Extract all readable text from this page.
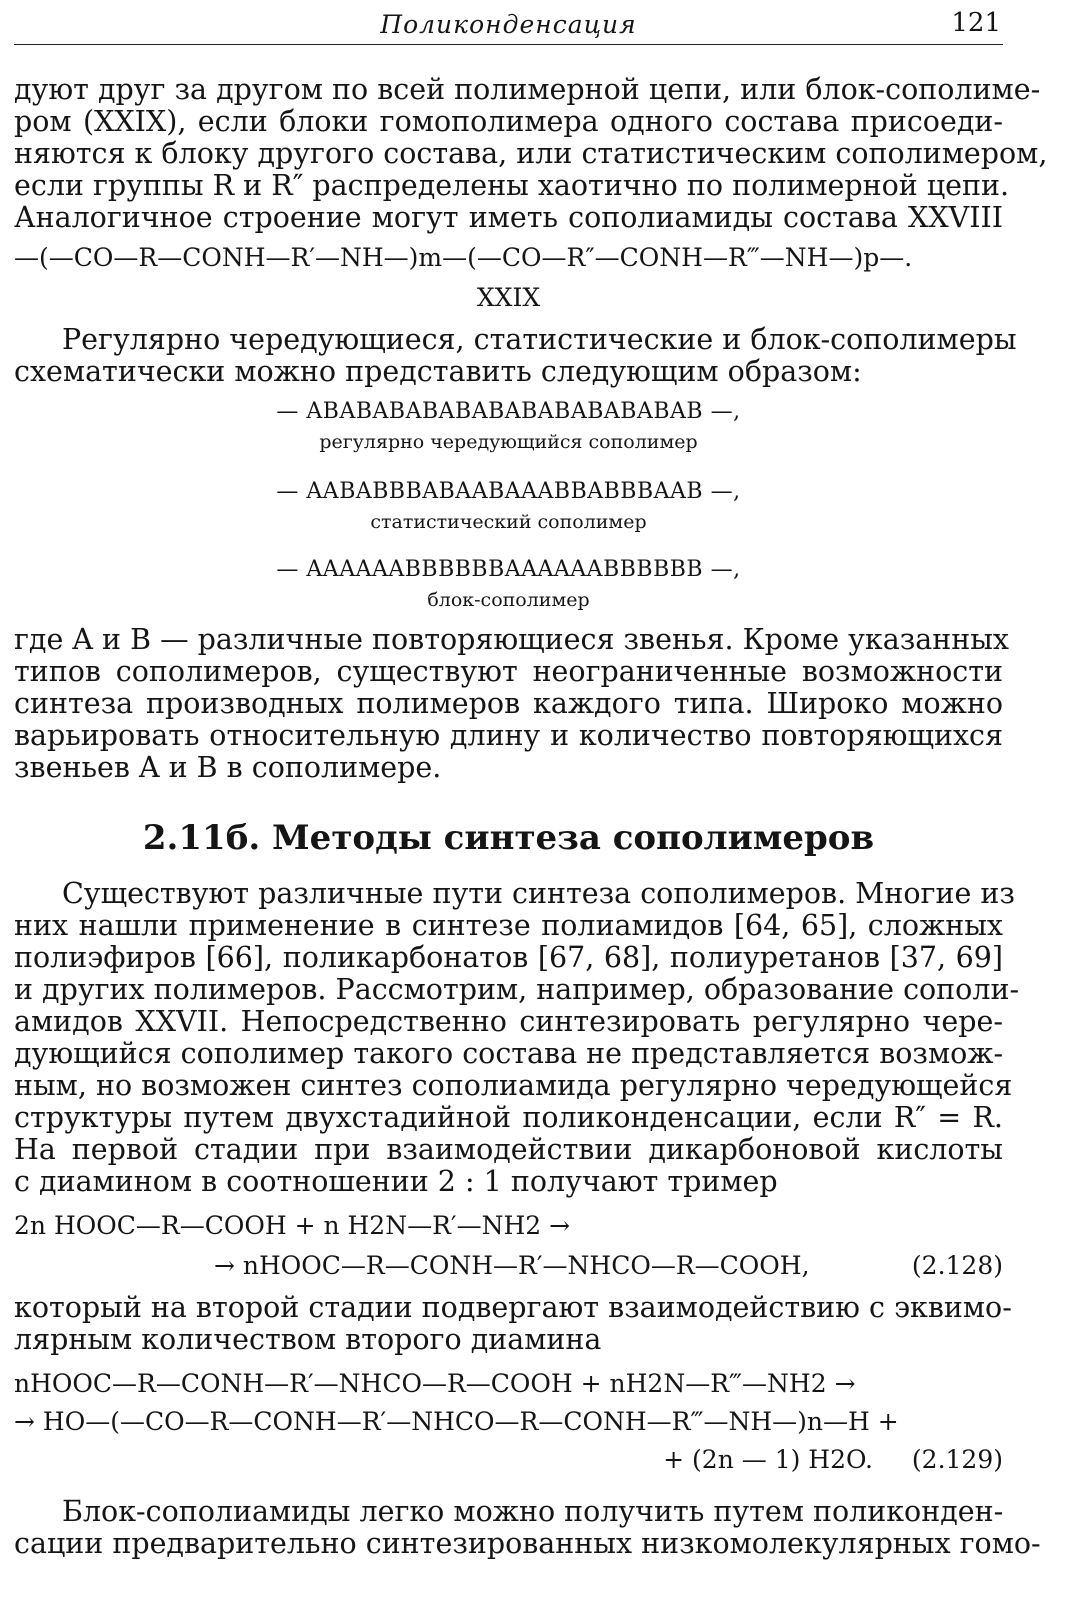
Поликонденсация	121
дуют друг за другом по всей полимерной цепи, или блок-сополиме-
ром (XXIX), если блоки гомополимера одного состава присоеди-
няются к блоку другого состава, или статистическим сополимером,
если группы R и R″ распределены хаотично по полимерной цепи.
Аналогичное строение могут иметь сополиамиды состава XXVIII
—(—CO—R—CONH—R′—NH—)m—(—CO—R″—CONH—R‴—NH—)p—.
XXIX
Регулярно чередующиеся, статистические и блок-сополимеры
схематически можно представить следующим образом:
— ABABABABABABABABABABABAB —,
регулярно чередующийся сополимер
— AABABBBABAABAAABBABBBAAB —,
статистический сополимер
— AAAAAABBBBBBAAAAAABBBBBB —,
блок-сополимер
где A и B — различные повторяющиеся звенья. Кроме указанных
типов сополимеров, существуют неограниченные возможности
синтеза производных полимеров каждого типа. Широко можно
варьировать относительную длину и количество повторяющихся
звеньев A и B в сополимере.
2.11б. Методы синтеза сополимеров
Существуют различные пути синтеза сополимеров. Многие из
них нашли применение в синтезе полиамидов [64, 65], сложных
полиэфиров [66], поликарбонатов [67, 68], полиуретанов [37, 69]
и других полимеров. Рассмотрим, например, образование сополи-
амидов XXVII. Непосредственно синтезировать регулярно чере-
дующийся сополимер такого состава не представляется возмож-
ным, но возможен синтез сополиамида регулярно чередующейся
структуры путем двухстадийной поликонденсации, если R″ = R.
На первой стадии при взаимодействии дикарбоновой кислоты
с диамином в соотношении 2 : 1 получают тример
2n HOOC—R—COOH + n H2N—R′—NH2 →
→ nHOOC—R—CONH—R′—NHCO—R—COOH,	(2.128)
который на второй стадии подвергают взаимодействию с эквимо-
лярным количеством второго диамина
nHOOC—R—CONH—R′—NHCO—R—COOH + nH2N—R‴—NH2 →
→ HO—(—CO—R—CONH—R′—NHCO—R—CONH—R‴—NH—)n—H +
+ (2n — 1) H2O.	(2.129)
Блок-сополиамиды легко можно получить путем поликонден-
сации предварительно синтезированных низкомолекулярных гомо-
